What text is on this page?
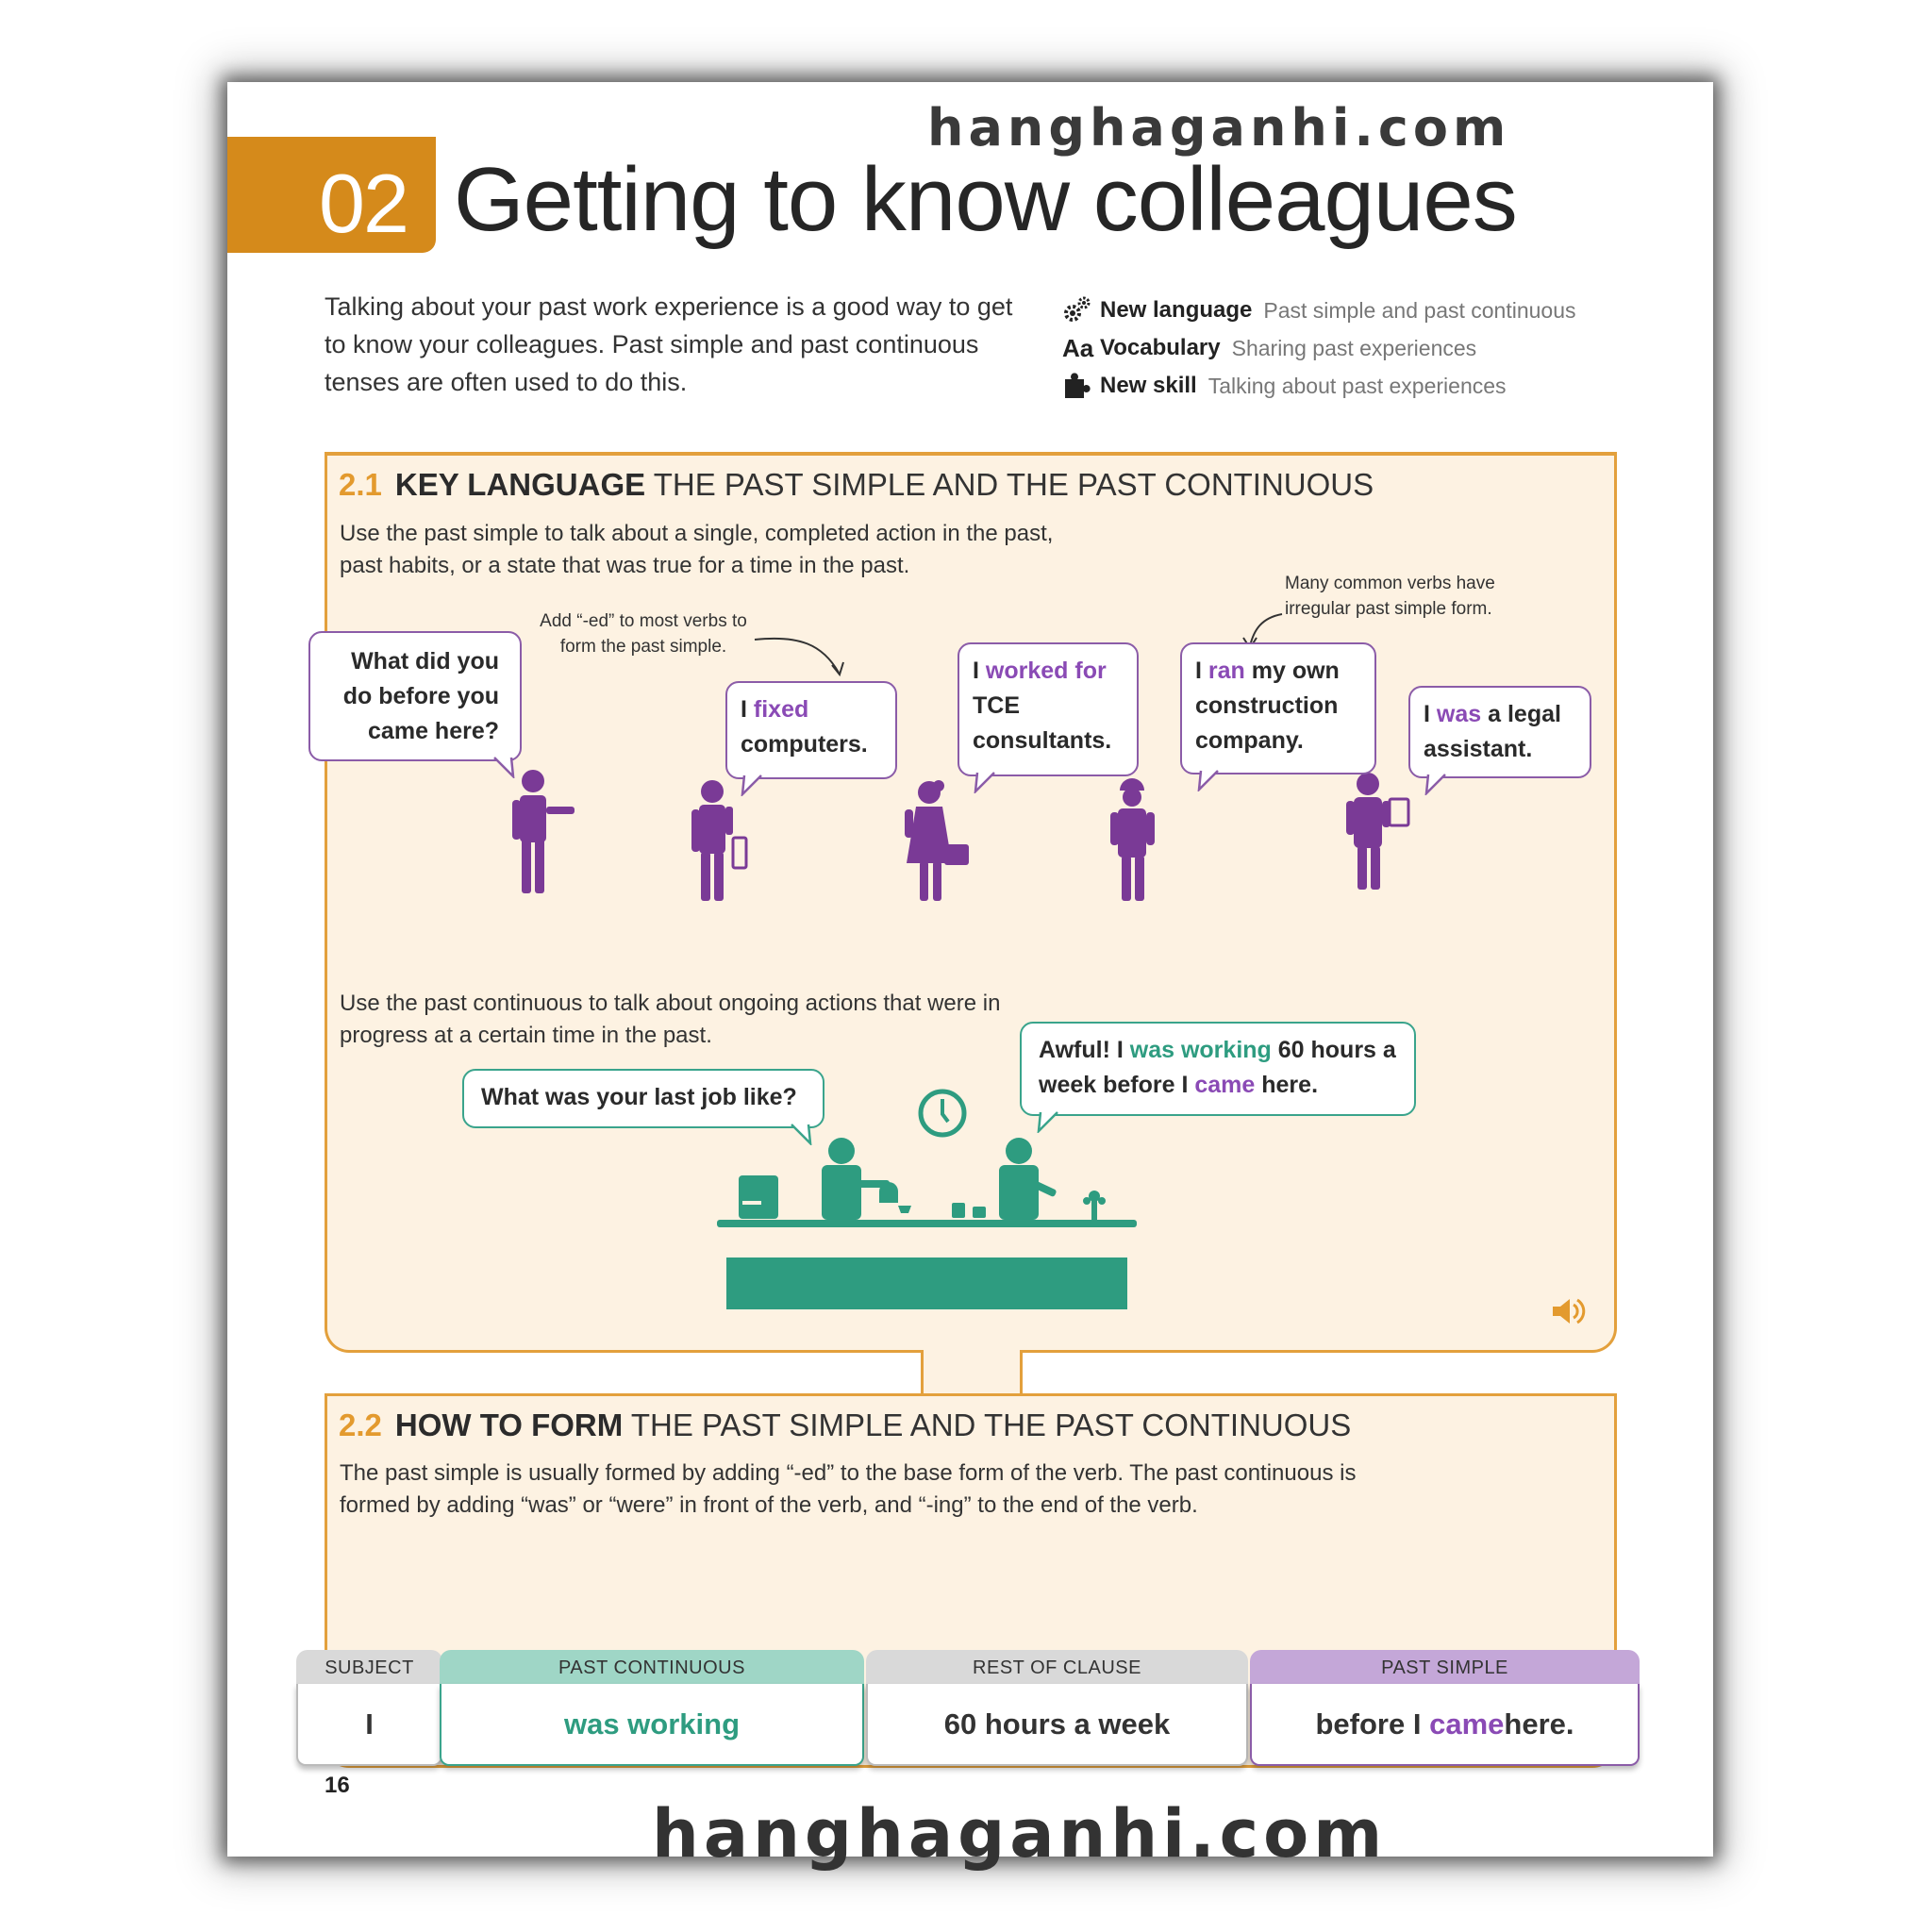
02 Getting to know colleagues
Talking about your past work experience is a good way to get to know your colleagues. Past simple and past continuous tenses are often used to do this.
New language Past simple and past continuous
Aa Vocabulary Sharing past experiences
New skill Talking about past experiences
2.1 KEY LANGUAGE THE PAST SIMPLE AND THE PAST CONTINUOUS
Use the past simple to talk about a single, completed action in the past, past habits, or a state that was true for a time in the past.
Add “-ed” to most verbs to form the past simple.
Many common verbs have irregular past simple form.
What did you do before you came here?
I fixed computers.
I worked for TCE consultants.
I ran my own construction company.
I was a legal assistant.
Use the past continuous to talk about ongoing actions that were in progress at a certain time in the past.
What was your last job like?
Awful! I was working 60 hours a week before I came here.
2.2 HOW TO FORM THE PAST SIMPLE AND THE PAST CONTINUOUS
The past simple is usually formed by adding “-ed” to the base form of the verb. The past continuous is formed by adding “was” or “were” in front of the verb, and “-ing” to the end of the verb.
SUBJECT
I
PAST CONTINUOUS
was working
REST OF CLAUSE
60 hours a week
PAST SIMPLE
before I
came here.
16
hanghaganhi.com
hanghaganhi.com
